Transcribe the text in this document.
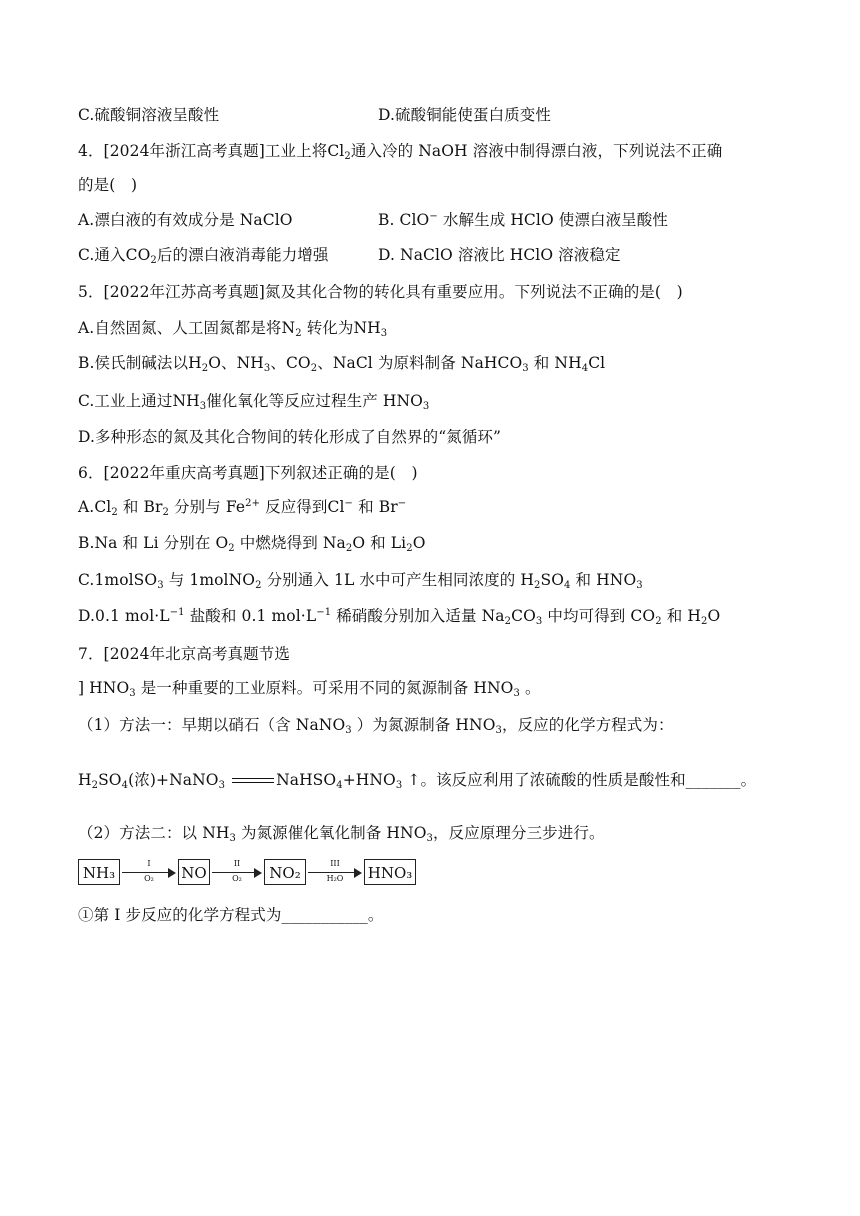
C.硫酸铜溶液呈酸性	D.硫酸铜能使蛋白质变性
4．[2024年浙江高考真题]工业上将$Cl_2$通入冷的 NaOH 溶液中制得漂白液，下列说法不正确
的是(　)
A.漂白液的有效成分是 NaClO	B. ClO− 水解生成 HClO 使漂白液呈酸性
C.通入$CO_2$后的漂白液消毒能力增强	D. NaClO 溶液比 HClO 溶液稳定
5．[2022年江苏高考真题]氮及其化合物的转化具有重要应用。下列说法不正确的是(　)
A.自然固氮、人工固氮都是将$N_2$ 转化为$NH_3$
B.侯氏制碱法以$H_2O$、$NH_3$、$CO_2$、NaCl 为原料制备 NaHCO$_3$ 和 $NH_4Cl$
C.工业上通过$NH_3$催化氧化等反应过程生产 $HNO_3$
D.多种形态的氮及其化合物间的转化形成了自然界的“氮循环”
6．[2022年重庆高考真题]下列叙述正确的是(　)
$A.Cl_2$ 和 $Br_2$ 分别与 $Fe^{2+}$ 反应得到Cl− 和 Br−
B.Na 和 Li 分别在 $O_2$ 中燃烧得到 $Na_2O$ 和 $Li_2O$
C.1molSO$_3$ 与 1molNO$_2$ 分别通入 1L 水中可产生相同浓度的 $H_2SO_4$ 和 $HNO_3$
D.0.1 $mol\cdot L^{-1}$ 盐酸和 0.1 $mol\cdot L^{-1}$ 稀硝酸分别加入适量 $Na_2CO_3$ 中均可得到 $CO_2$ 和 $H_2O$
7．[2024年北京高考真题节选
] $HNO_3$ 是一种重要的工业原料。可采用不同的氮源制备 $HNO_3$ 。
（1）方法一：早期以硝石（含 NaNO$_3$ ）为氮源制备 $HNO_3$，反应的化学方程式为：
$H_2SO_4$(浓)+NaNO$_3$	$NaHSO_4+HNO_3$ ↑。该反应利用了浓硫酸的性质是酸性和_______。
（2）方法二：以 $NH_3$ 为氮源催化氧化制备 $HNO_3$，反应原理分三步进行。
NH₃
I
O₂	NO
II
O₂	NO₂
III
H₂O	HNO₃
①第 I 步反应的化学方程式为___________。
